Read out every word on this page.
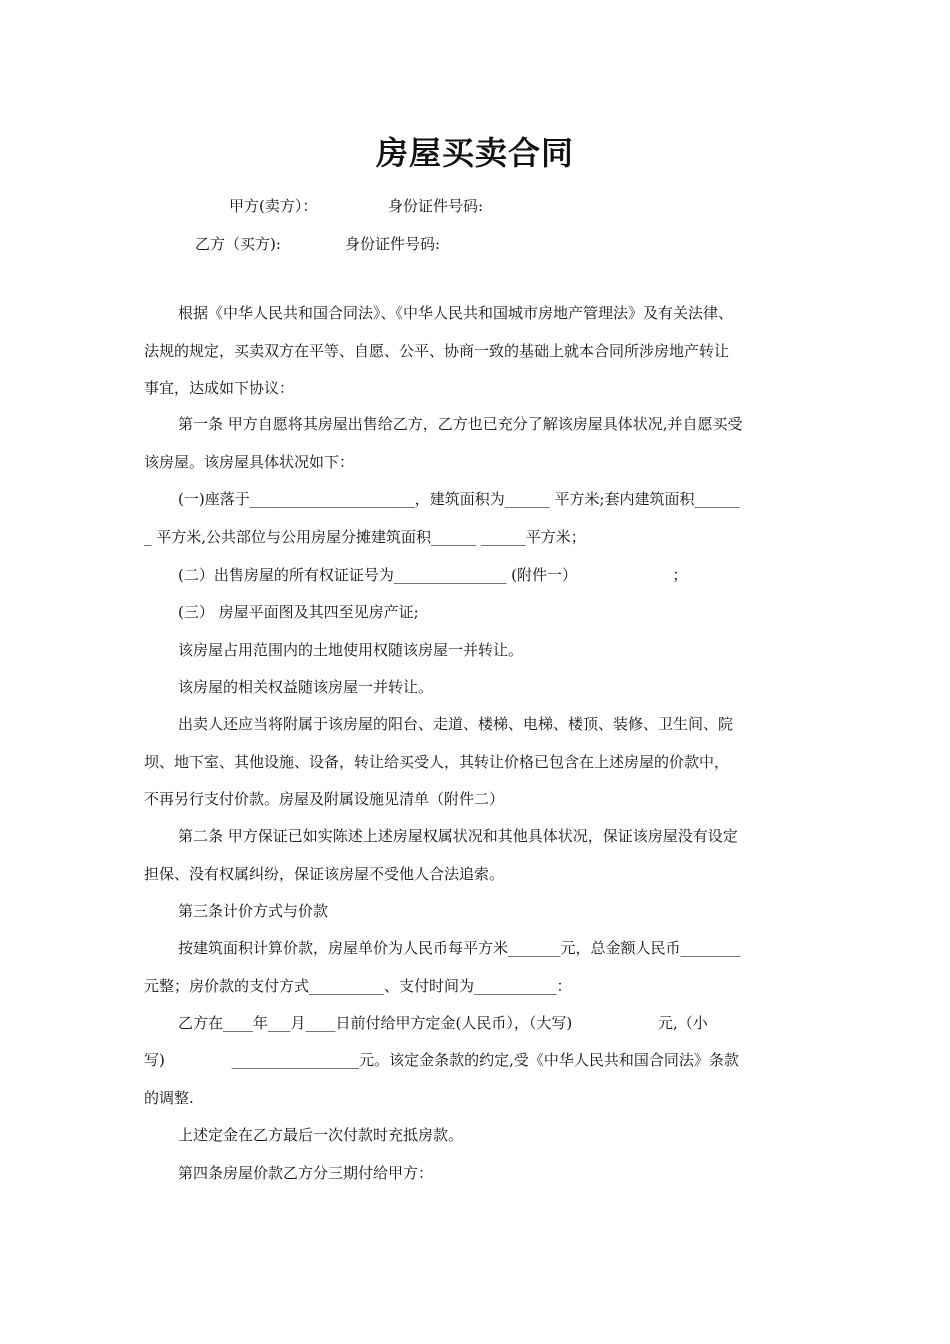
房屋买卖合同
甲方(卖方）：	身份证件号码:
乙方（买方):	身份证件号码:
根据《中华人民共和国合同法》、《中华人民共和国城市房地产管理法》及有关法律、
法规的规定，买卖双方在平等、自愿、公平、协商一致的基础上就本合同所涉房地产转让
事宜，达成如下协议：
第一条 甲方自愿将其房屋出售给乙方，乙方也已充分了解该房屋具体状况,并自愿买受
该房屋。该房屋具体状况如下：
(一)座落于______________________，建筑面积为______ 平方米;套内建筑面积______
_ 平方米,公共部位与公用房屋分摊建筑面积______ ______平方米；
(二）出售房屋的所有权证证号为_______________ (附件一）                    ；
(三） 房屋平面图及其四至见房产证;
该房屋占用范围内的土地使用权随该房屋一并转让。
该房屋的相关权益随该房屋一并转让。
出卖人还应当将附属于该房屋的阳台、走道、楼梯、电梯、楼顶、装修、卫生间、院
坝、地下室、其他设施、设备，转让给买受人，其转让价格已包含在上述房屋的价款中，
不再另行支付价款。房屋及附属设施见清单（附件二）
第二条 甲方保证已如实陈述上述房屋权属状况和其他具体状况，保证该房屋没有设定
担保、没有权属纠纷，保证该房屋不受他人合法追索。
第三条计价方式与价款
按建筑面积计算价款，房屋单价为人民币每平方米_______元，总金额人民币________
元整；房价款的支付方式__________、支付时间为___________：
乙方在____年___月____日前付给甲方定金(人民币），（大写)                  元,（小
写)              _________________元。该定金条款的约定,受《中华人民共和国合同法》条款
的调整.
上述定金在乙方最后一次付款时充抵房款。
第四条房屋价款乙方分三期付给甲方：
